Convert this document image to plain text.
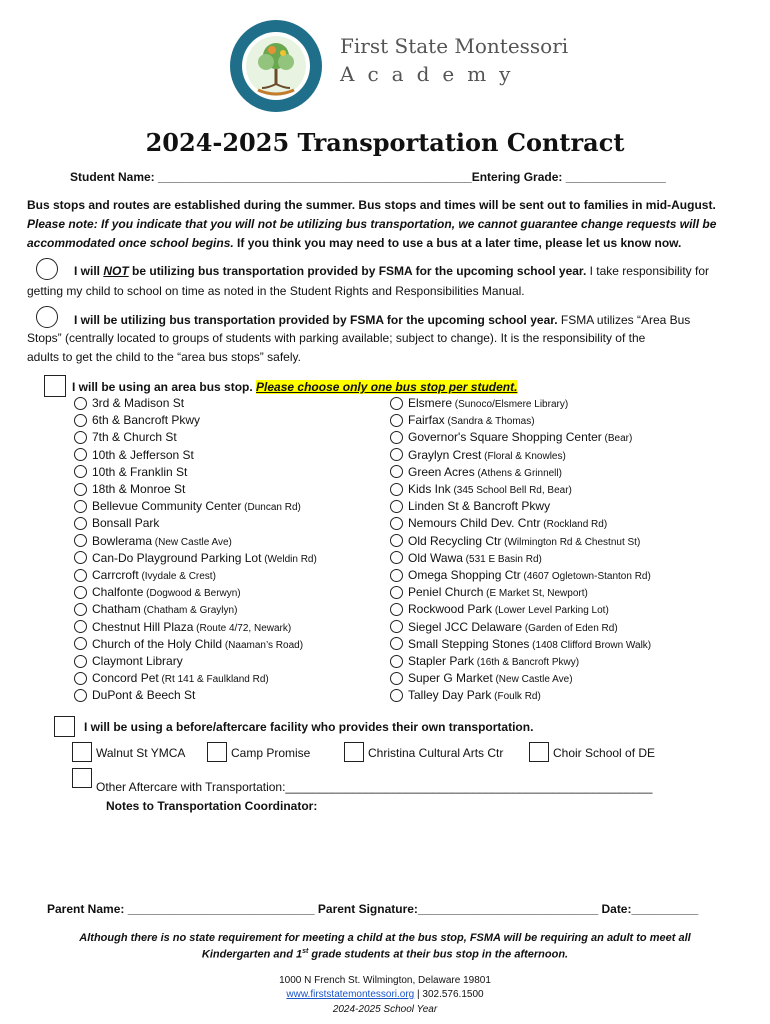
First State Montessori
Academy
2024-2025 Transportation Contract
Student Name: _______________________________________________Entering Grade: _______________
Bus stops and routes are established during the summer. Bus stops and times will be sent out to families in mid-August.
Please note: If you indicate that you will not be utilizing bus transportation, we cannot guarantee change requests will be
accommodated once school begins. If you think you may need to use a bus at a later time, please let us know now.
I will NOT be utilizing bus transportation provided by FSMA for the upcoming school year. I take responsibility for
getting my child to school on time as noted in the Student Rights and Responsibilities Manual.
I will be utilizing bus transportation provided by FSMA for the upcoming school year. FSMA utilizes “Area Bus
Stops” (centrally located to groups of students with parking available; subject to change). It is the responsibility of the
adults to get the child to the “area bus stops” safely.
I will be using an area bus stop. Please choose only one bus stop per student.
3rd & Madison St
6th & Bancroft Pkwy
7th & Church St
10th & Jefferson St
10th & Franklin St
18th & Monroe St
Bellevue Community Center (Duncan Rd)
Bonsall Park
Bowlerama (New Castle Ave)
Can-Do Playground Parking Lot (Weldin Rd)
Carrcroft (Ivydale & Crest)
Chalfonte (Dogwood & Berwyn)
Chatham (Chatham & Graylyn)
Chestnut Hill Plaza (Route 4/72, Newark)
Church of the Holy Child (Naaman’s Road)
Claymont Library
Concord Pet (Rt 141 & Faulkland Rd)
DuPont & Beech St
Elsmere (Sunoco/Elsmere Library)
Fairfax (Sandra & Thomas)
Governor's Square Shopping Center (Bear)
Graylyn Crest (Floral & Knowles)
Green Acres (Athens & Grinnell)
Kids Ink (345 School Bell Rd, Bear)
Linden St & Bancroft Pkwy
Nemours Child Dev. Cntr (Rockland Rd)
Old Recycling Ctr (Wilmington Rd & Chestnut St)
Old Wawa (531 E Basin Rd)
Omega Shopping Ctr (4607 Ogletown-Stanton Rd)
Peniel Church (E Market St, Newport)
Rockwood Park (Lower Level Parking Lot)
Siegel JCC Delaware (Garden of Eden Rd)
Small Stepping Stones (1408 Clifford Brown Walk)
Stapler Park (16th & Bancroft Pkwy)
Super G Market (New Castle Ave)
Talley Day Park (Foulk Rd)
I will be using a before/aftercare facility who provides their own transportation.
Walnut St YMCA	Camp Promise	Christina Cultural Arts Ctr	Choir School of DE
Other Aftercare with Transportation:_______________________________________________________
Notes to Transportation Coordinator:
Parent Name: ____________________________ Parent Signature:___________________________ Date:__________
Although there is no state requirement for meeting a child at the bus stop, FSMA will be requiring an adult to meet all
Kindergarten and 1st grade students at their bus stop in the afternoon.
1000 N French St. Wilmington, Delaware 19801
www.firststatemontessori.org | 302.576.1500
2024-2025 School Year
